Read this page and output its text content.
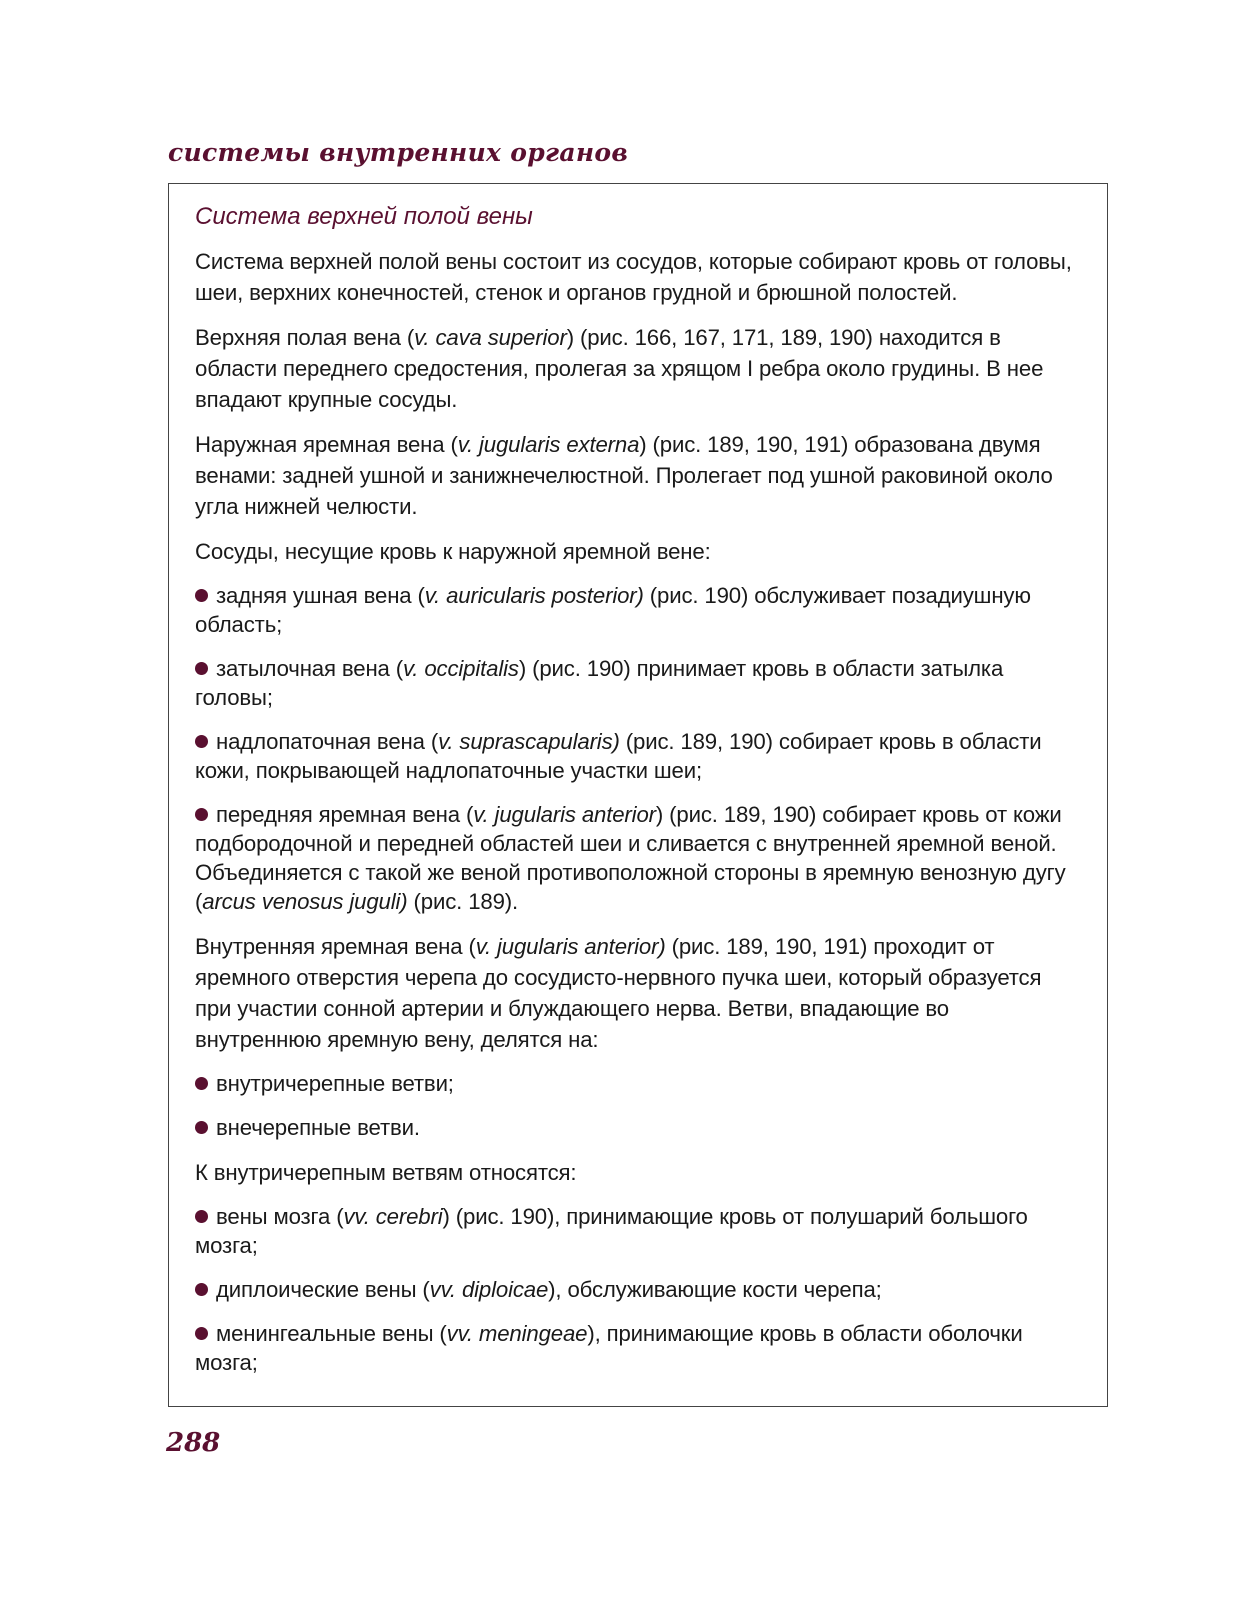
системы внутренних органов
Система верхней полой вены

Система верхней полой вены состоит из сосудов, которые собирают кровь от головы, шеи, верхних конечностей, стенок и органов грудной и брюшной полостей.

Верхняя полая вена (v. cava superior) (рис. 166, 167, 171, 189, 190) находится в области переднего средостения, пролегая за хрящом I ребра около грудины. В нее впадают крупные сосуды.

Наружная яремная вена (v. jugularis externa) (рис. 189, 190, 191) образована двумя венами: задней ушной и занижнечелюстной. Пролегает под ушной раковиной около угла нижней челюсти.

Сосуды, несущие кровь к наружной яремной вене:

задняя ушная вена (v. auricularis posterior) (рис. 190) обслуживает позадиушную область;
затылочная вена (v. occipitalis) (рис. 190) принимает кровь в области затылка головы;
надлопаточная вена (v. suprascapularis) (рис. 189, 190) собирает кровь в области кожи, покрывающей надлопаточные участки шеи;
передняя яремная вена (v. jugularis anterior) (рис. 189, 190) собирает кровь от кожи подбородочной и передней областей шеи и сливается с внутренней яремной веной. Объединяется с такой же веной противоположной стороны в яремную венозную дугу (arcus venosus juguli) (рис. 189).

Внутренняя яремная вена (v. jugularis anterior) (рис. 189, 190, 191) проходит от яремного отверстия черепа до сосудисто-нервного пучка шеи, который образуется при участии сонной артерии и блуждающего нерва. Ветви, впадающие во внутреннюю яремную вену, делятся на:

внутричерепные ветви;
внечерепные ветви.

К внутричерепным ветвям относятся:

вены мозга (vv. cerebri) (рис. 190), принимающие кровь от полушарий большого мозга;
диплоические вены (vv. diploicae), обслуживающие кости черепа;
менингеальные вены (vv. meningeae), принимающие кровь в области оболочки мозга;
288
